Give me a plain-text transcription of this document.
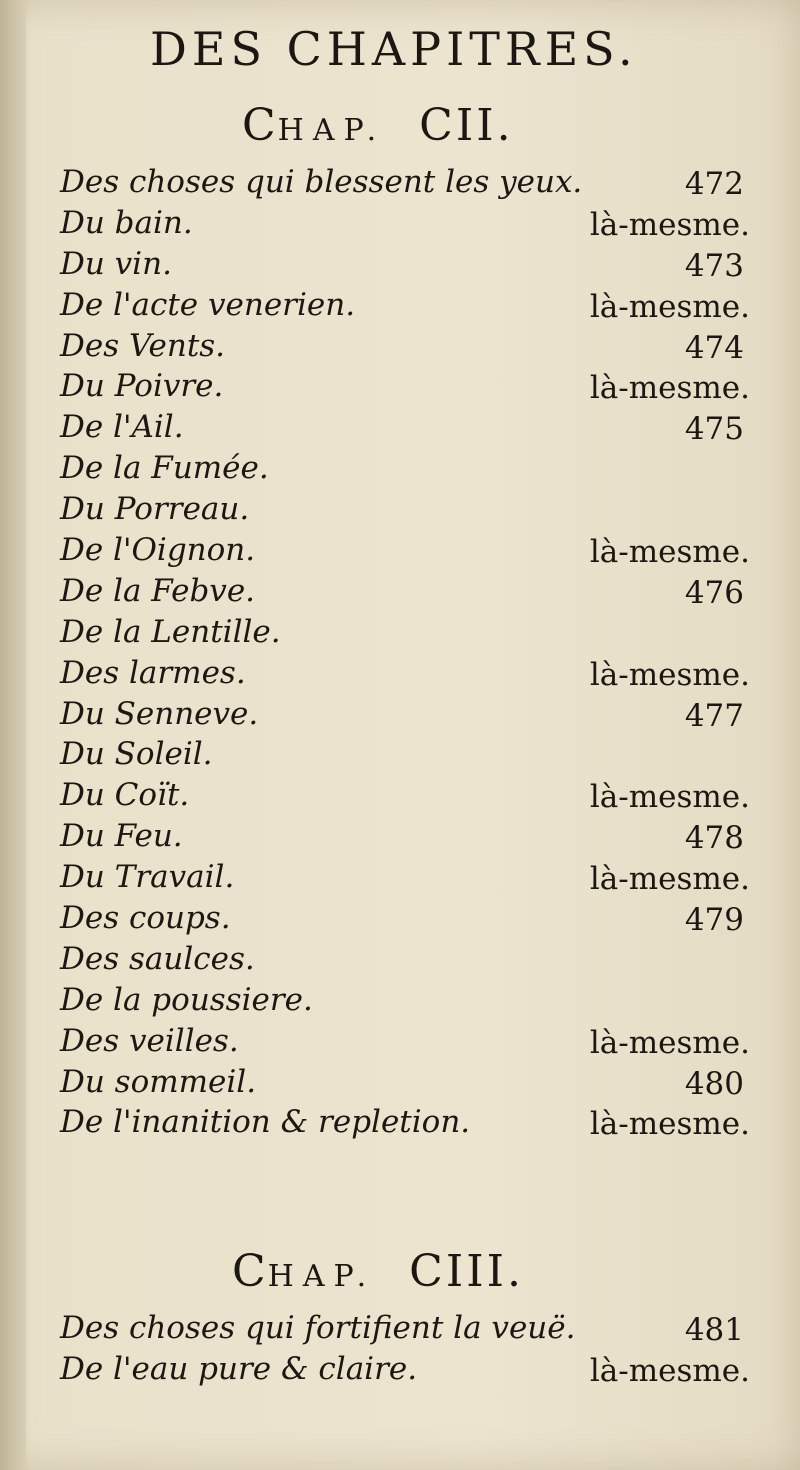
DES CHAPITRES.
CHAP. CII.
Des choses qui blessent les yeux.	472
Du bain.	là-mesme.
Du vin.	473
De l'acte venerien.	là-mesme.
Des Vents.	474
Du Poivre.	là-mesme.
De l'Ail.	475
De la Fumée.
Du Porreau.
De l'Oignon.	là-mesme.
De la Febve.	476
De la Lentille.
Des larmes.	là-mesme.
Du Senneve.	477
Du Soleil.
Du Coït.	là-mesme.
Du Feu.	478
Du Travail.	là-mesme.
Des coups.	479
Des saulces.
De la poussiere.
Des veilles.	là-mesme.
Du sommeil.	480
De l'inanition & repletion.	là-mesme.
CHAP. CIII.
Des choses qui fortifient la veuë.	481
De l'eau pure & claire.	là-mesme.
